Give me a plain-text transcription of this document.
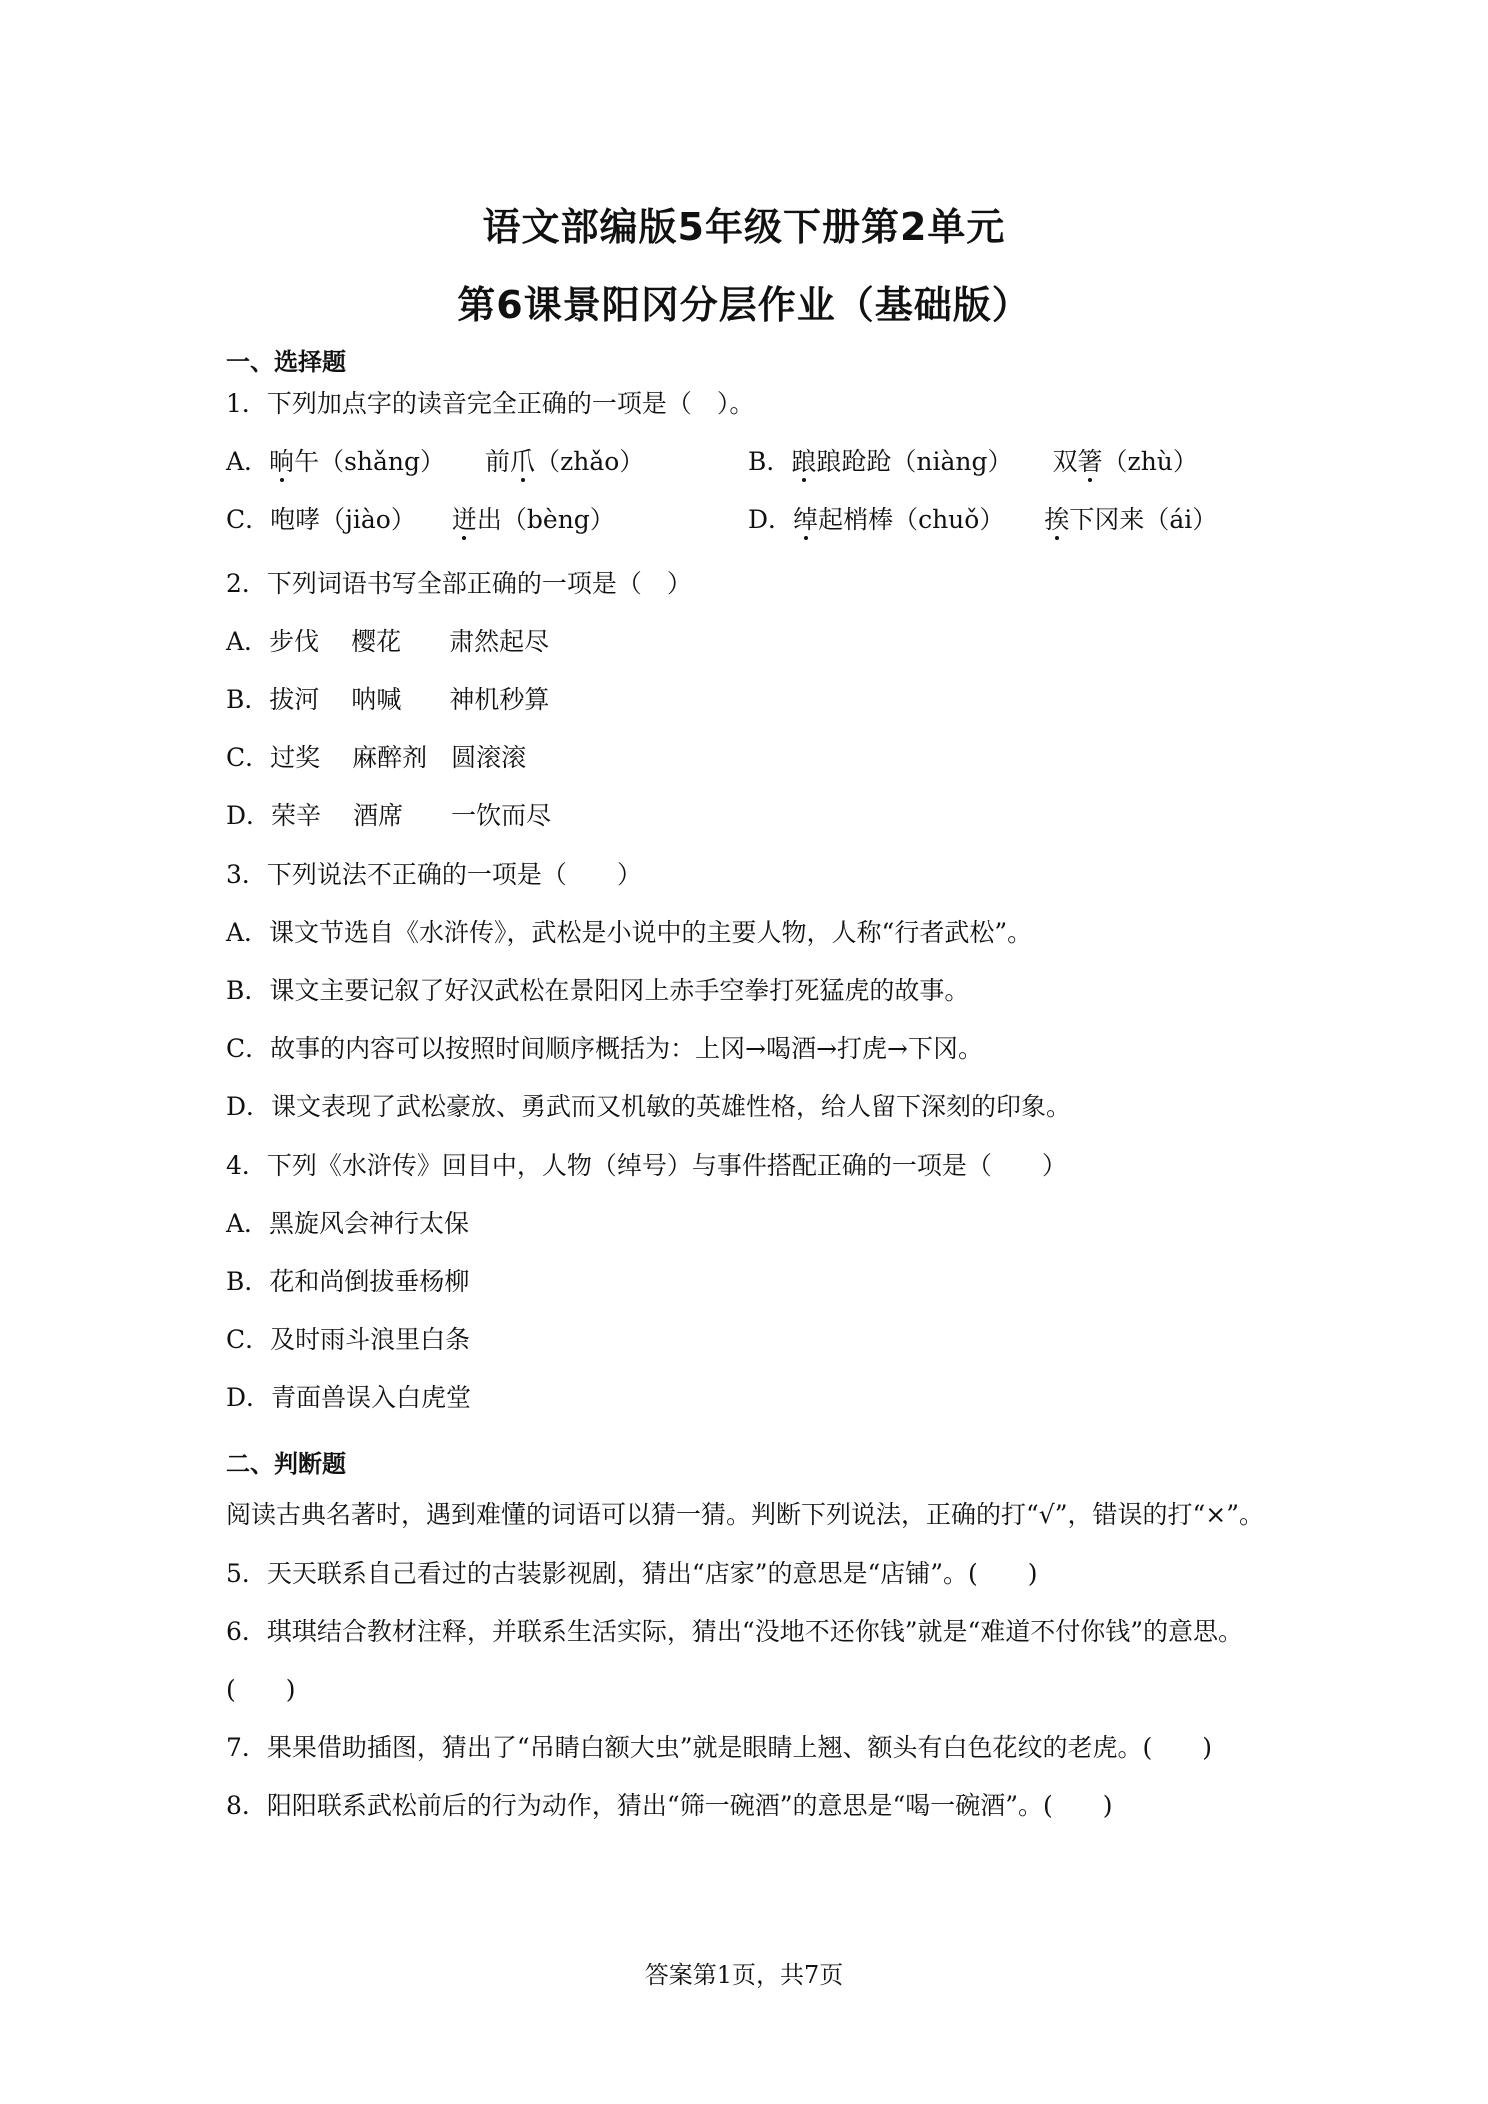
语文部编版5年级下册第2单元
第6课景阳冈分层作业（基础版）
一、选择题
1．下列加点字的读音完全正确的一项是（　）。
A．晌午（shǎng） 前爪（zhǎo）	B．踉踉跄跄（niàng） 双箸（zhù）
C．咆哮（jiào） 迸出（bèng）	D．绰起梢棒（chuǒ） 挨下冈来（ái）
2．下列词语书写全部正确的一项是（　）
A．步伐 樱花 肃然起尽
B．拔河 呐喊 神机秒算
C．过奖 麻醉剂 圆滚滚
D．荣辛 酒席 一饮而尽
3．下列说法不正确的一项是（　　）
A．课文节选自《水浒传》，武松是小说中的主要人物，人称“行者武松”。
B．课文主要记叙了好汉武松在景阳冈上赤手空拳打死猛虎的故事。
C．故事的内容可以按照时间顺序概括为：上冈→喝酒→打虎→下冈。
D．课文表现了武松豪放、勇武而又机敏的英雄性格，给人留下深刻的印象。
4．下列《水浒传》回目中，人物（绰号）与事件搭配正确的一项是（　　）
A．黑旋风会神行太保
B．花和尚倒拔垂杨柳
C．及时雨斗浪里白条
D．青面兽误入白虎堂
二、判断题
阅读古典名著时，遇到难懂的词语可以猜一猜。判断下列说法，正确的打“√”，错误的打“×”。
5．天天联系自己看过的古装影视剧，猜出“店家”的意思是“店铺”。(　　)
6．琪琪结合教材注释，并联系生活实际，猜出“没地不还你钱”就是“难道不付你钱”的意思。
(　　)
7．果果借助插图，猜出了“吊睛白额大虫”就是眼睛上翘、额头有白色花纹的老虎。(　　)
8．阳阳联系武松前后的行为动作，猜出“筛一碗酒”的意思是“喝一碗酒”。(　　)
答案第1页，共7页
